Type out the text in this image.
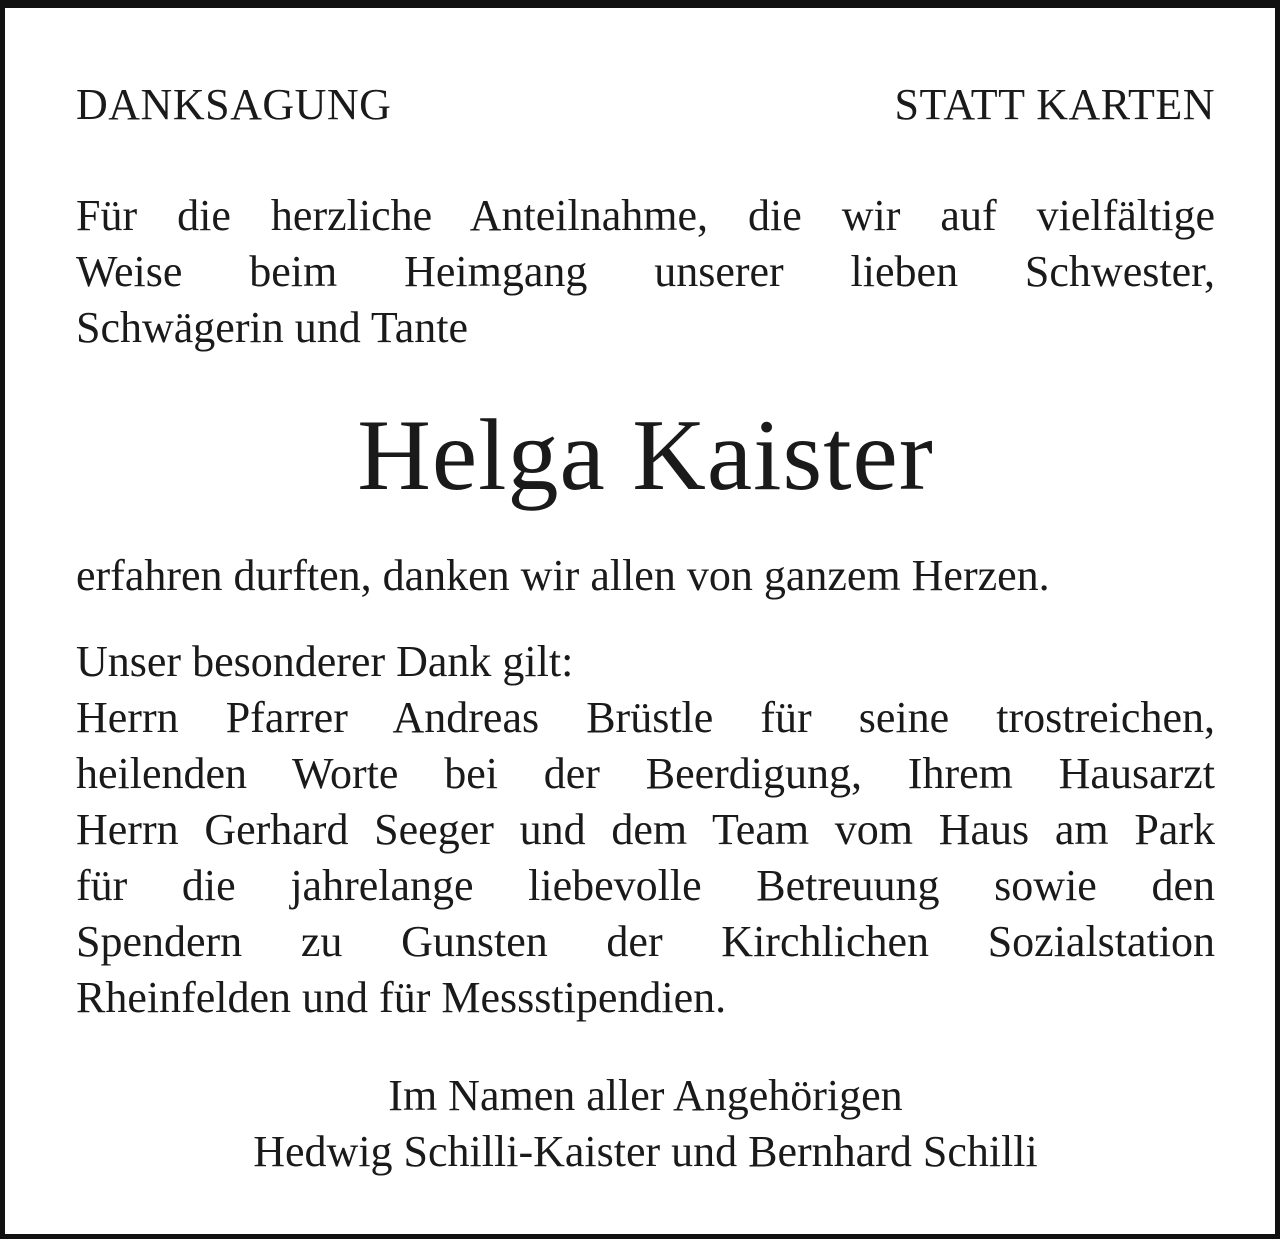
DANKSAGUNG	STATT KARTEN
Für die herzliche Anteilnahme, die wir auf vielfältige
Weise beim Heimgang unserer lieben Schwester,
Schwägerin und Tante
Helga Kaister
erfahren durften, danken wir allen von ganzem Herzen.
Unser besonderer Dank gilt:
Herrn Pfarrer Andreas Brüstle für seine trostreichen,
heilenden Worte bei der Beerdigung, Ihrem Hausarzt
Herrn Gerhard Seeger und dem Team vom Haus am Park
für die jahrelange liebevolle Betreuung sowie den
Spendern zu Gunsten der Kirchlichen Sozialstation
Rheinfelden und für Messstipendien.
Im Namen aller Angehörigen
Hedwig Schilli-Kaister und Bernhard Schilli
